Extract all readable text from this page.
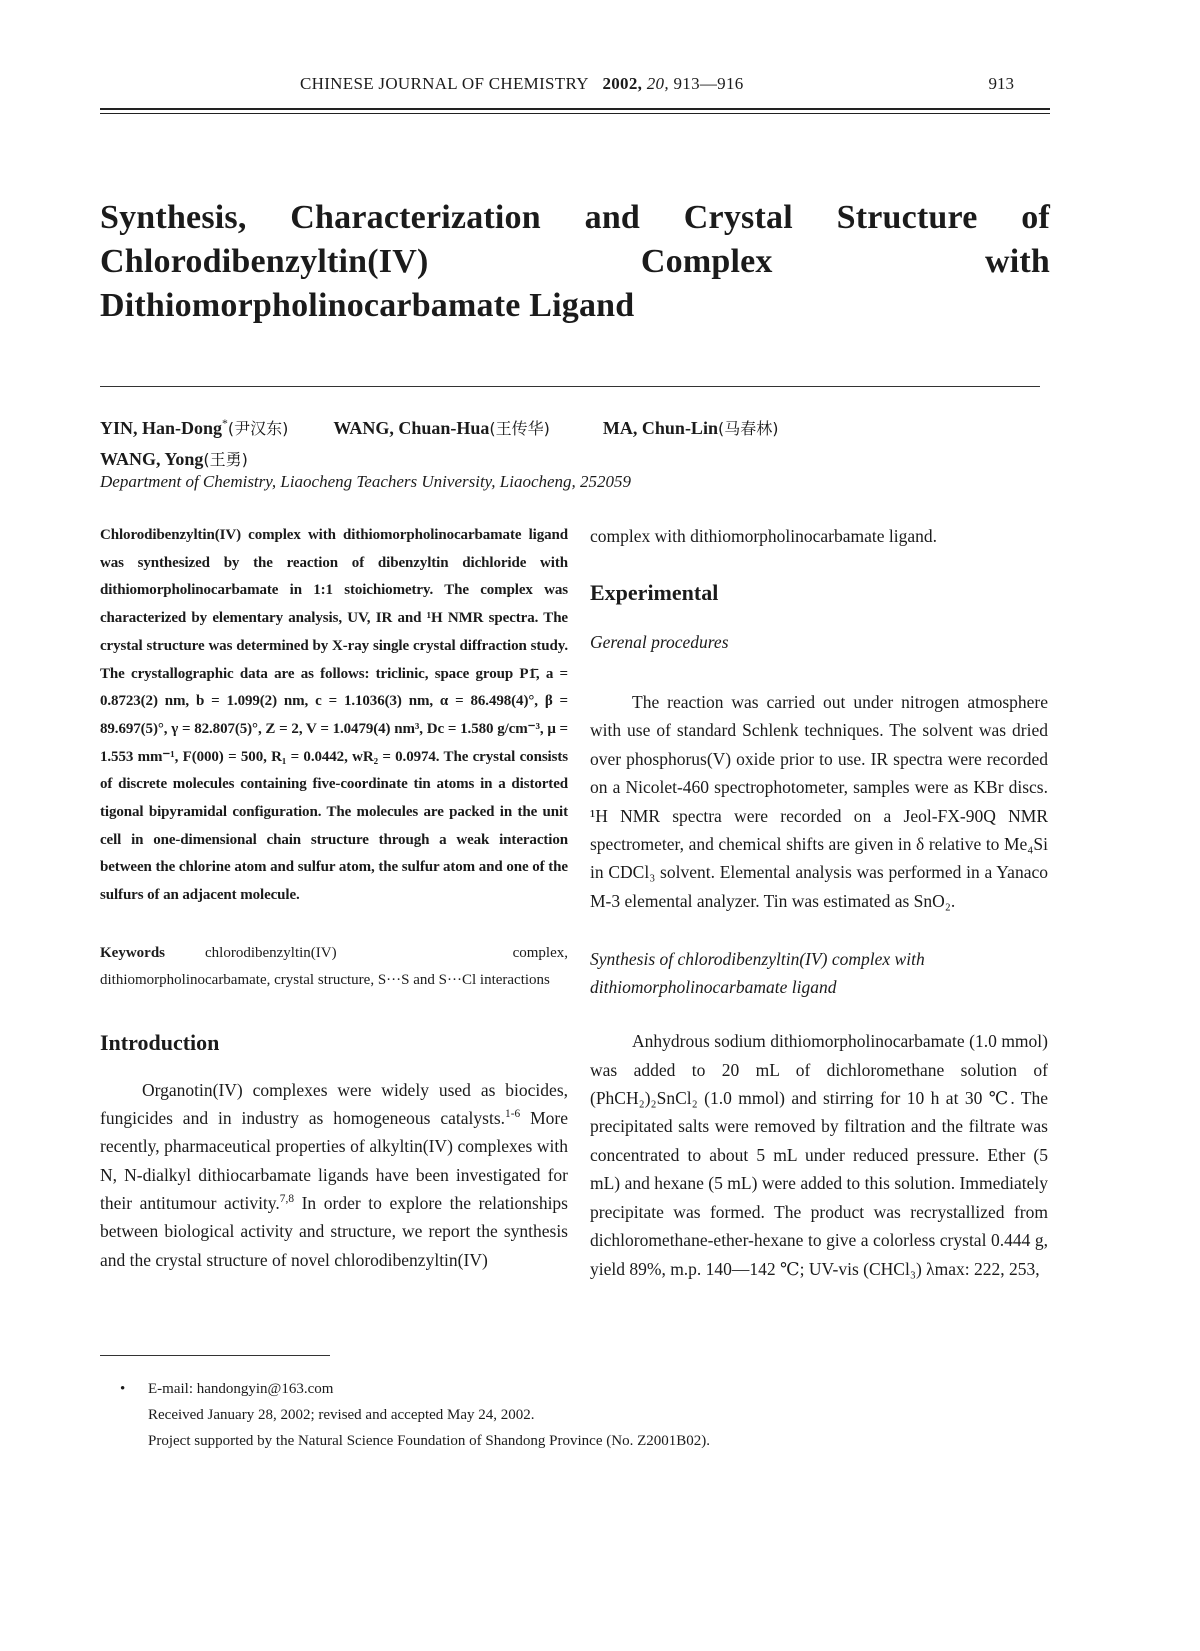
CHINESE JOURNAL OF CHEMISTRY 2002, 20, 913—916	913
Synthesis, Characterization and Crystal Structure of Chlorodibenzyltin(IV) Complex with Dithiomorpholinocarbamate Ligand
YIN, Han-Dong*(尹汉东)	WANG, Chuan-Hua(王传华)	MA, Chun-Lin(马春林)
WANG, Yong(王勇)
Department of Chemistry, Liaocheng Teachers University, Liaocheng, 252059

Chlorodibenzyltin(IV) complex with dithiomorpholinocarbamate ligand was synthesized by the reaction of dibenzyltin dichloride with dithiomorpholinocarbamate in 1:1 stoichiometry. The complex was characterized by elementary analysis, UV, IR and ¹H NMR spectra. The crystal structure was determined by X-ray single crystal diffraction study. The crystallographic data are as follows: triclinic, space group P1̄, a = 0.8723(2) nm, b = 1.099(2) nm, c = 1.1036(3) nm, α = 86.498(4)°, β = 89.697(5)°, γ = 82.807(5)°, Z = 2, V = 1.0479(4) nm³, Dc = 1.580 g/cm⁻³, μ = 1.553 mm⁻¹, F(000) = 500, R₁ = 0.0442, wR₂ = 0.0974. The crystal consists of discrete molecules containing five-coordinate tin atoms in a distorted tigonal bipyramidal configuration. The molecules are packed in the unit cell in one-dimensional chain structure through a weak interaction between the chlorine atom and sulfur atom, the sulfur atom and one of the sulfurs of an adjacent molecule.

Keywords	chlorodibenzyltin(IV) complex, dithiomorpholinocarbamate, crystal structure, S···S and S···Cl interactions

Introduction

Organotin(IV) complexes were widely used as biocides, fungicides and in industry as homogeneous catalysts.$^{1-6}$ More recently, pharmaceutical properties of alkyltin(IV) complexes with N, N-dialkyl dithiocarbamate ligands have been investigated for their antitumour activity.$^{7,8}$ In order to explore the relationships between biological activity and structure, we report the synthesis and the crystal structure of novel chlorodibenzyltin(IV)

complex with dithiomorpholinocarbamate ligand.

Experimental

Gerenal procedures

The reaction was carried out under nitrogen atmosphere with use of standard Schlenk techniques. The solvent was dried over phosphorus(V) oxide prior to use. IR spectra were recorded on a Nicolet-460 spectrophotometer, samples were as KBr discs. ¹H NMR spectra were recorded on a Jeol-FX-90Q NMR spectrometer, and chemical shifts are given in δ relative to Me₄Si in CDCl₃ solvent. Elemental analysis was performed in a Yanaco M-3 elemental analyzer. Tin was estimated as SnO₂.

Synthesis of chlorodibenzyltin(IV) complex with dithiomorpholinocarbamate ligand

Anhydrous sodium dithiomorpholinocarbamate (1.0 mmol) was added to 20 mL of dichloromethane solution of (PhCH₂)₂SnCl₂ (1.0 mmol) and stirring for 10 h at 30 ℃. The precipitated salts were removed by filtration and the filtrate was concentrated to about 5 mL under reduced pressure. Ether (5 mL) and hexane (5 mL) were added to this solution. Immediately precipitate was formed. The product was recrystallized from dichloromethane-ether-hexane to give a colorless crystal 0.444 g, yield 89%, m.p. 140—142 ℃; UV-vis (CHCl₃) λmax: 222, 253,

• E-mail: handongyin@163.com
Received January 28, 2002; revised and accepted May 24, 2002.
Project supported by the Natural Science Foundation of Shandong Province (No. Z2001B02).
